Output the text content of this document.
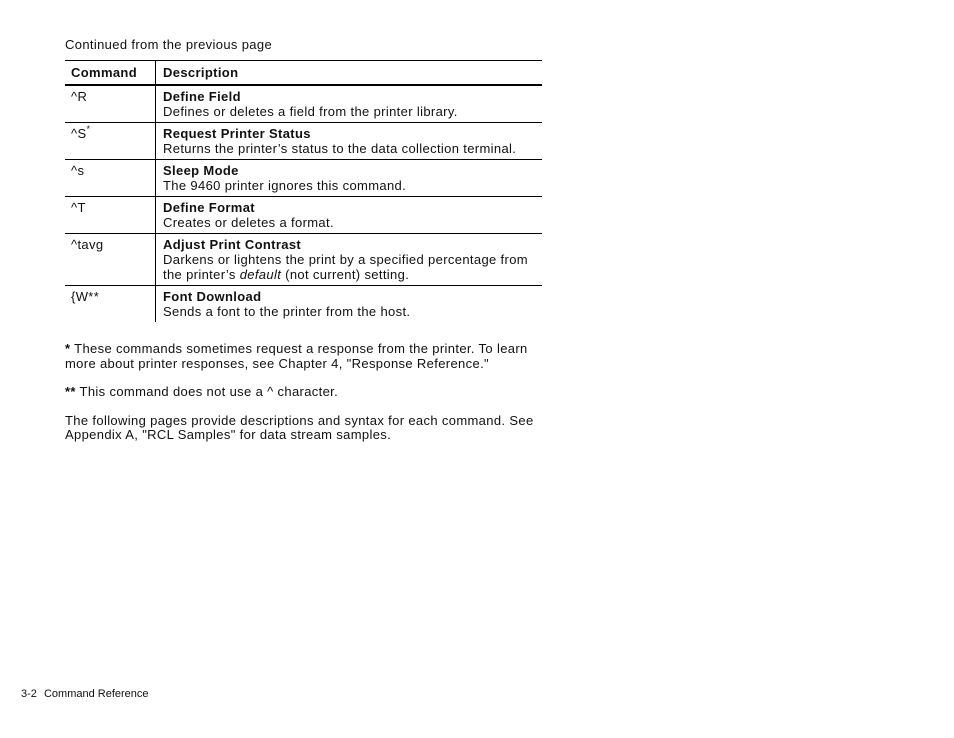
Continued from the previous page
Command	Description
^R	Define Field
Defines or deletes a field from the printer library.

^S*	Request Printer Status
Returns the printer’s status to the data collection terminal.

^s	Sleep Mode
The 9460 printer ignores this command.

^T	Define Format
Creates or deletes a format.

^tavg	Adjust Print Contrast
Darkens or lightens the print by a specified percentage from the printer’s default (not current) setting.

{W**	Font Download
Sends a font to the printer from the host.

* These commands sometimes request a response from the printer. To learn more about printer responses, see Chapter 4, "Response Reference."

** This command does not use a ^ character.

The following pages provide descriptions and syntax for each command. See Appendix A, "RCL Samples" for data stream samples.

3-2 Command Reference
